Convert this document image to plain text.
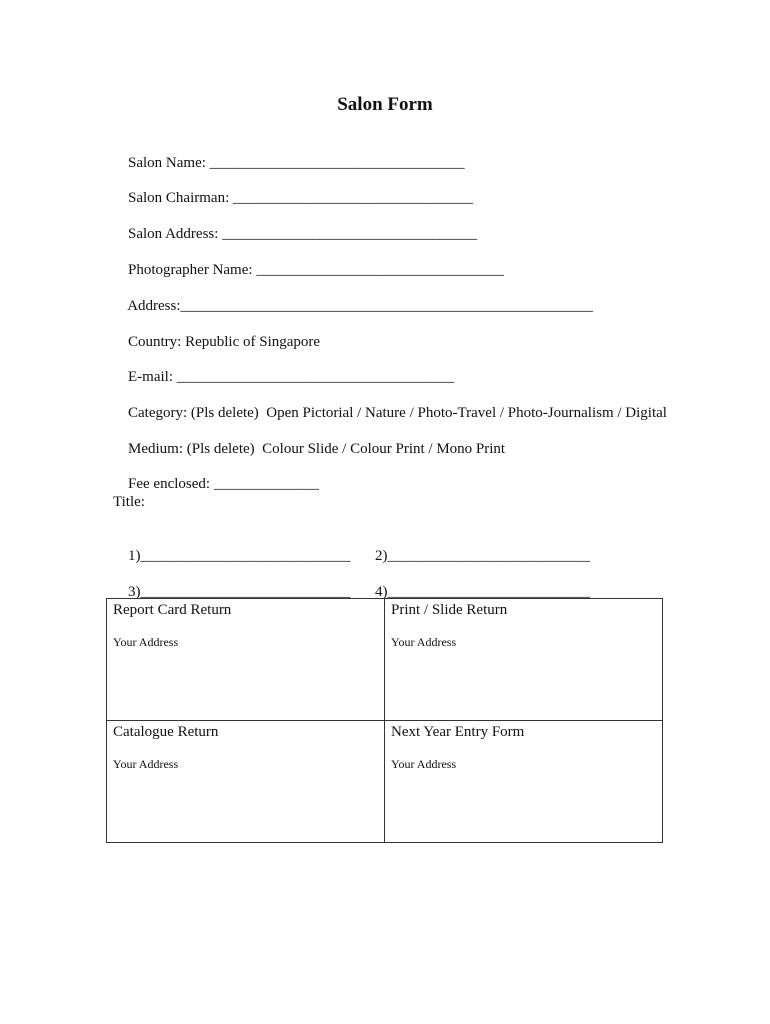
Salon Form

Salon Name: __________________________________

Salon Chairman: ________________________________

Salon Address: __________________________________

Photographer Name: _________________________________

Address:_______________________________________________________

Country: Republic of Singapore

E-mail: _____________________________________

Category: (Pls delete)  Open Pictorial / Nature / Photo-Travel / Photo-Journalism / Digital

Medium: (Pls delete)  Colour Slide / Colour Print / Mono Print

Fee enclosed: ______________

Title:

1)____________________________
	2)___________________________

3)____________________________
	4)___________________________

Report Card Return
Your Address
Print / Slide Return
Your Address
Catalogue Return
Your Address
Next Year Entry Form
Your Address
